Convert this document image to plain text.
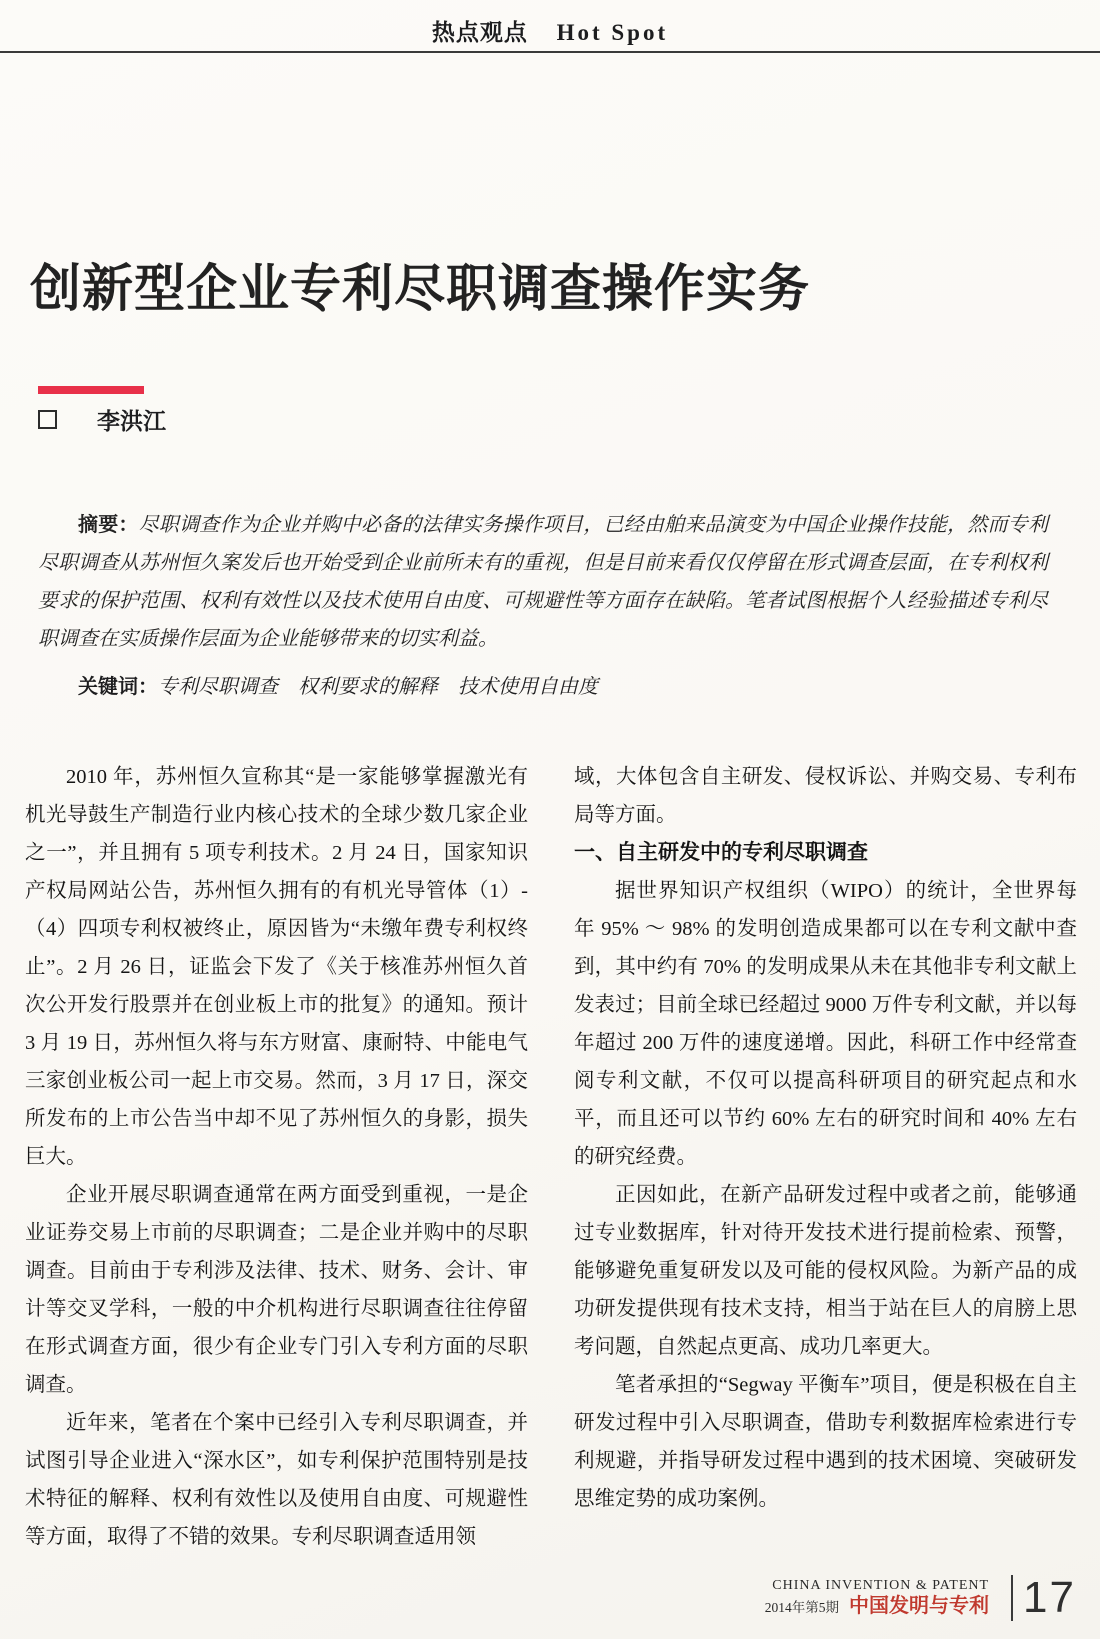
热点观点 Hot Spot
创新型企业专利尽职调查操作实务
李洪江
摘要：尽职调查作为企业并购中必备的法律实务操作项目，已经由舶来品演变为中国企业操作技能，然而专利尽职调查从苏州恒久案发后也开始受到企业前所未有的重视，但是目前来看仅仅停留在形式调查层面，在专利权利要求的保护范围、权利有效性以及技术使用自由度、可规避性等方面存在缺陷。笔者试图根据个人经验描述专利尽职调查在实质操作层面为企业能够带来的切实利益。
关键词：专利尽职调查　权利要求的解释　技术使用自由度

2010 年，苏州恒久宣称其“是一家能够掌握激光有机光导鼓生产制造行业内核心技术的全球少数几家企业之一”，并且拥有 5 项专利技术。2 月 24 日，国家知识产权局网站公告，苏州恒久拥有的有机光导管体（1）-（4）四项专利权被终止，原因皆为“未缴年费专利权终止”。2 月 26 日，证监会下发了《关于核准苏州恒久首次公开发行股票并在创业板上市的批复》的通知。预计 3 月 19 日，苏州恒久将与东方财富、康耐特、中能电气三家创业板公司一起上市交易。然而，3 月 17 日，深交所发布的上市公告当中却不见了苏州恒久的身影，损失巨大。

企业开展尽职调查通常在两方面受到重视，一是企业证券交易上市前的尽职调查；二是企业并购中的尽职调查。目前由于专利涉及法律、技术、财务、会计、审计等交叉学科，一般的中介机构进行尽职调查往往停留在形式调查方面，很少有企业专门引入专利方面的尽职调查。

近年来，笔者在个案中已经引入专利尽职调查，并试图引导企业进入“深水区”，如专利保护范围特别是技术特征的解释、权利有效性以及使用自由度、可规避性等方面，取得了不错的效果。专利尽职调查适用领

域，大体包含自主研发、侵权诉讼、并购交易、专利布局等方面。

一、自主研发中的专利尽职调查

据世界知识产权组织（WIPO）的统计，全世界每年 95% ～ 98% 的发明创造成果都可以在专利文献中查到，其中约有 70% 的发明成果从未在其他非专利文献上发表过；目前全球已经超过 9000 万件专利文献，并以每年超过 200 万件的速度递增。因此，科研工作中经常查阅专利文献，不仅可以提高科研项目的研究起点和水平，而且还可以节约 60% 左右的研究时间和 40% 左右的研究经费。

正因如此，在新产品研发过程中或者之前，能够通过专业数据库，针对待开发技术进行提前检索、预警，能够避免重复研发以及可能的侵权风险。为新产品的成功研发提供现有技术支持，相当于站在巨人的肩膀上思考问题，自然起点更高、成功几率更大。

笔者承担的“Segway 平衡车”项目，便是积极在自主研发过程中引入尽职调查，借助专利数据库检索进行专利规避，并指导研发过程中遇到的技术困境、突破研发思维定势的成功案例。

CHINA INVENTION & PATENT
2014年第5期 中国发明与专利 17
